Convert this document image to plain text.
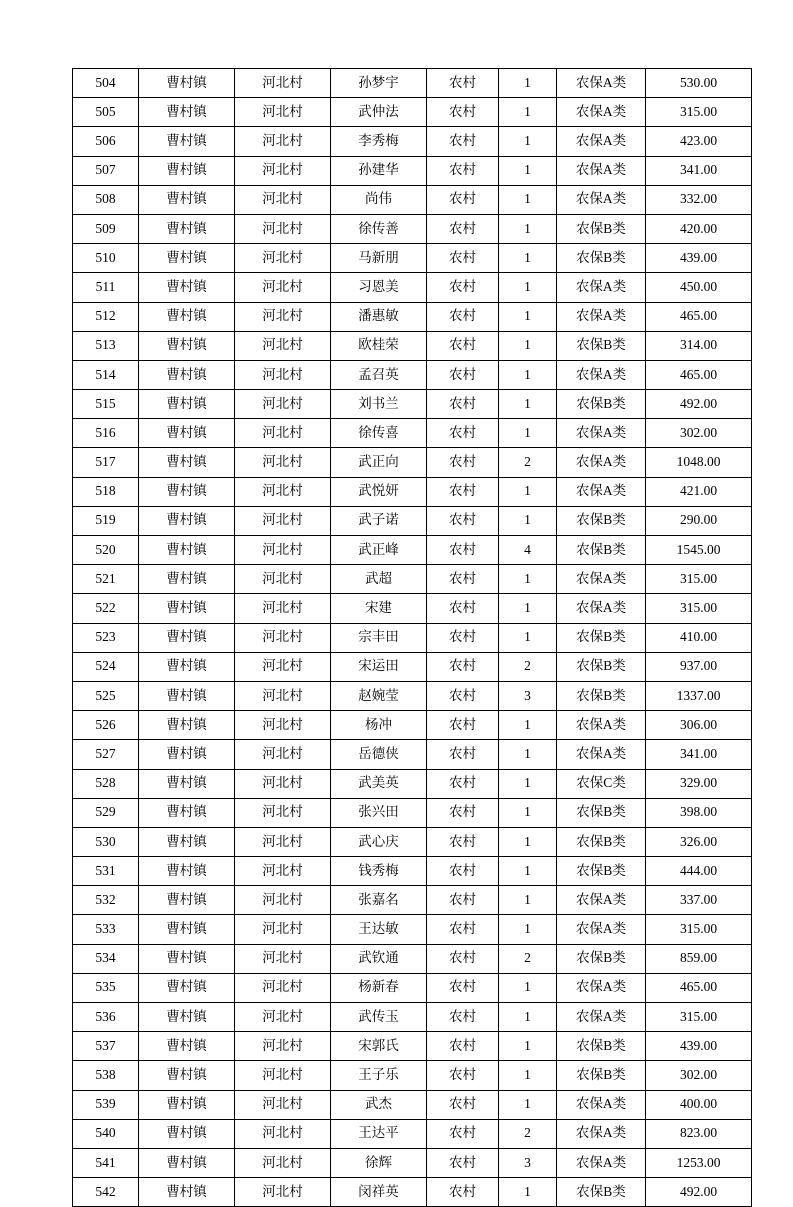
504	曹村镇	河北村	孙梦宇	农村	1	农保A类	530.00
505	曹村镇	河北村	武仲法	农村	1	农保A类	315.00
506	曹村镇	河北村	李秀梅	农村	1	农保A类	423.00
507	曹村镇	河北村	孙建华	农村	1	农保A类	341.00
508	曹村镇	河北村	尚伟	农村	1	农保A类	332.00
509	曹村镇	河北村	徐传善	农村	1	农保B类	420.00
510	曹村镇	河北村	马新朋	农村	1	农保B类	439.00
511	曹村镇	河北村	习恩美	农村	1	农保A类	450.00
512	曹村镇	河北村	潘惠敏	农村	1	农保A类	465.00
513	曹村镇	河北村	欧桂荣	农村	1	农保B类	314.00
514	曹村镇	河北村	孟召英	农村	1	农保A类	465.00
515	曹村镇	河北村	刘书兰	农村	1	农保B类	492.00
516	曹村镇	河北村	徐传喜	农村	1	农保A类	302.00
517	曹村镇	河北村	武正向	农村	2	农保A类	1048.00
518	曹村镇	河北村	武悦妍	农村	1	农保A类	421.00
519	曹村镇	河北村	武子诺	农村	1	农保B类	290.00
520	曹村镇	河北村	武正峰	农村	4	农保B类	1545.00
521	曹村镇	河北村	武超	农村	1	农保A类	315.00
522	曹村镇	河北村	宋建	农村	1	农保A类	315.00
523	曹村镇	河北村	宗丰田	农村	1	农保B类	410.00
524	曹村镇	河北村	宋运田	农村	2	农保B类	937.00
525	曹村镇	河北村	赵婉莹	农村	3	农保B类	1337.00
526	曹村镇	河北村	杨冲	农村	1	农保A类	306.00
527	曹村镇	河北村	岳德侠	农村	1	农保A类	341.00
528	曹村镇	河北村	武美英	农村	1	农保C类	329.00
529	曹村镇	河北村	张兴田	农村	1	农保B类	398.00
530	曹村镇	河北村	武心庆	农村	1	农保B类	326.00
531	曹村镇	河北村	钱秀梅	农村	1	农保B类	444.00
532	曹村镇	河北村	张嘉名	农村	1	农保A类	337.00
533	曹村镇	河北村	王达敏	农村	1	农保A类	315.00
534	曹村镇	河北村	武钦通	农村	2	农保B类	859.00
535	曹村镇	河北村	杨新春	农村	1	农保A类	465.00
536	曹村镇	河北村	武传玉	农村	1	农保A类	315.00
537	曹村镇	河北村	宋郭氏	农村	1	农保B类	439.00
538	曹村镇	河北村	王子乐	农村	1	农保B类	302.00
539	曹村镇	河北村	武杰	农村	1	农保A类	400.00
540	曹村镇	河北村	王达平	农村	2	农保A类	823.00
541	曹村镇	河北村	徐辉	农村	3	农保A类	1253.00
542	曹村镇	河北村	闵祥英	农村	1	农保B类	492.00
